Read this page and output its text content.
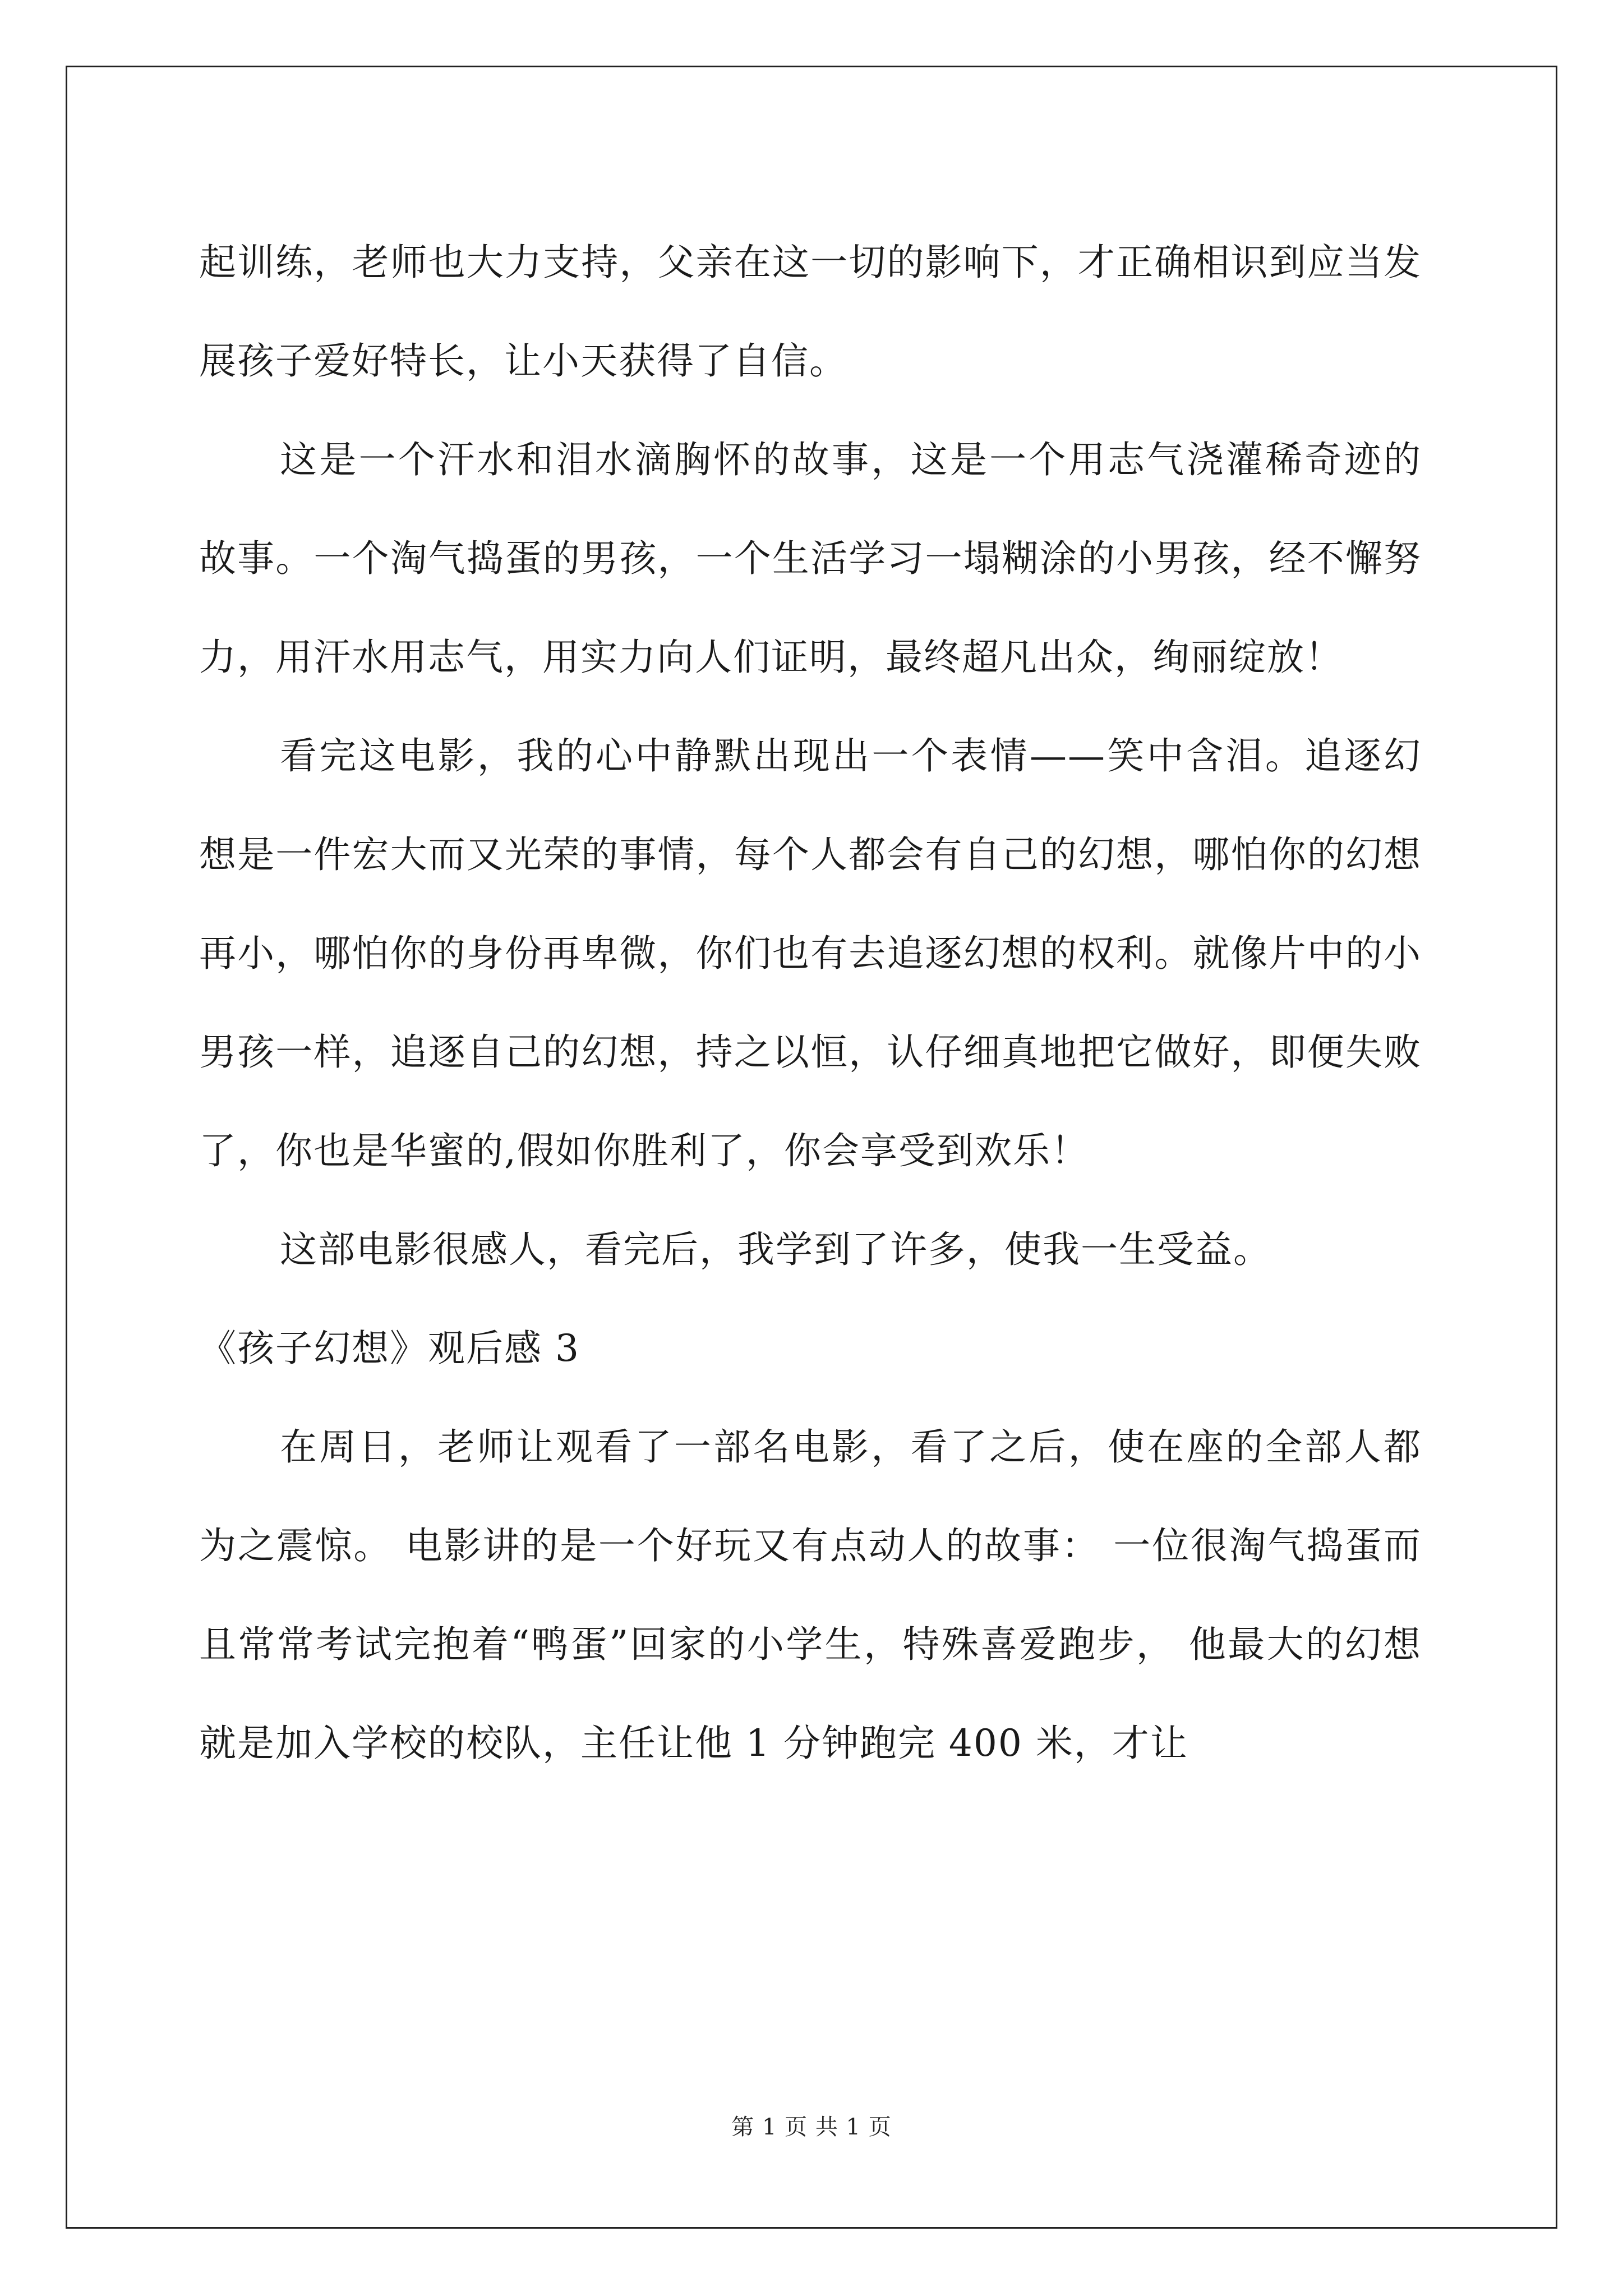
起训练，老师也大力支持，父亲在这一切的影响下，才正确相识到应当发展孩子爱好特长，让小天获得了自信。

这是一个汗水和泪水滴胸怀的故事，这是一个用志气浇灌稀奇迹的故事。一个淘气捣蛋的男孩，一个生活学习一塌糊涂的小男孩，经不懈努力，用汗水用志气，用实力向人们证明，最终超凡出众，绚丽绽放！

看完这电影，我的心中静默出现出一个表情——笑中含泪。追逐幻想是一件宏大而又光荣的事情，每个人都会有自己的幻想，哪怕你的幻想再小，哪怕你的身份再卑微，你们也有去追逐幻想的权利。就像片中的小男孩一样，追逐自己的幻想，持之以恒，认仔细真地把它做好，即便失败了，你也是华蜜的,假如你胜利了，你会享受到欢乐！

这部电影很感人，看完后，我学到了许多，使我一生受益。

《孩子幻想》观后感 3

在周日，老师让观看了一部名电影，看了之后，使在座的全部人都为之震惊。 电影讲的是一个好玩又有点动人的故事： 一位很淘气捣蛋而且常常考试完抱着“鸭蛋”回家的小学生，特殊喜爱跑步， 他最大的幻想就是加入学校的校队，主任让他 1 分钟跑完 400 米，才让

第 1 页 共 1 页
